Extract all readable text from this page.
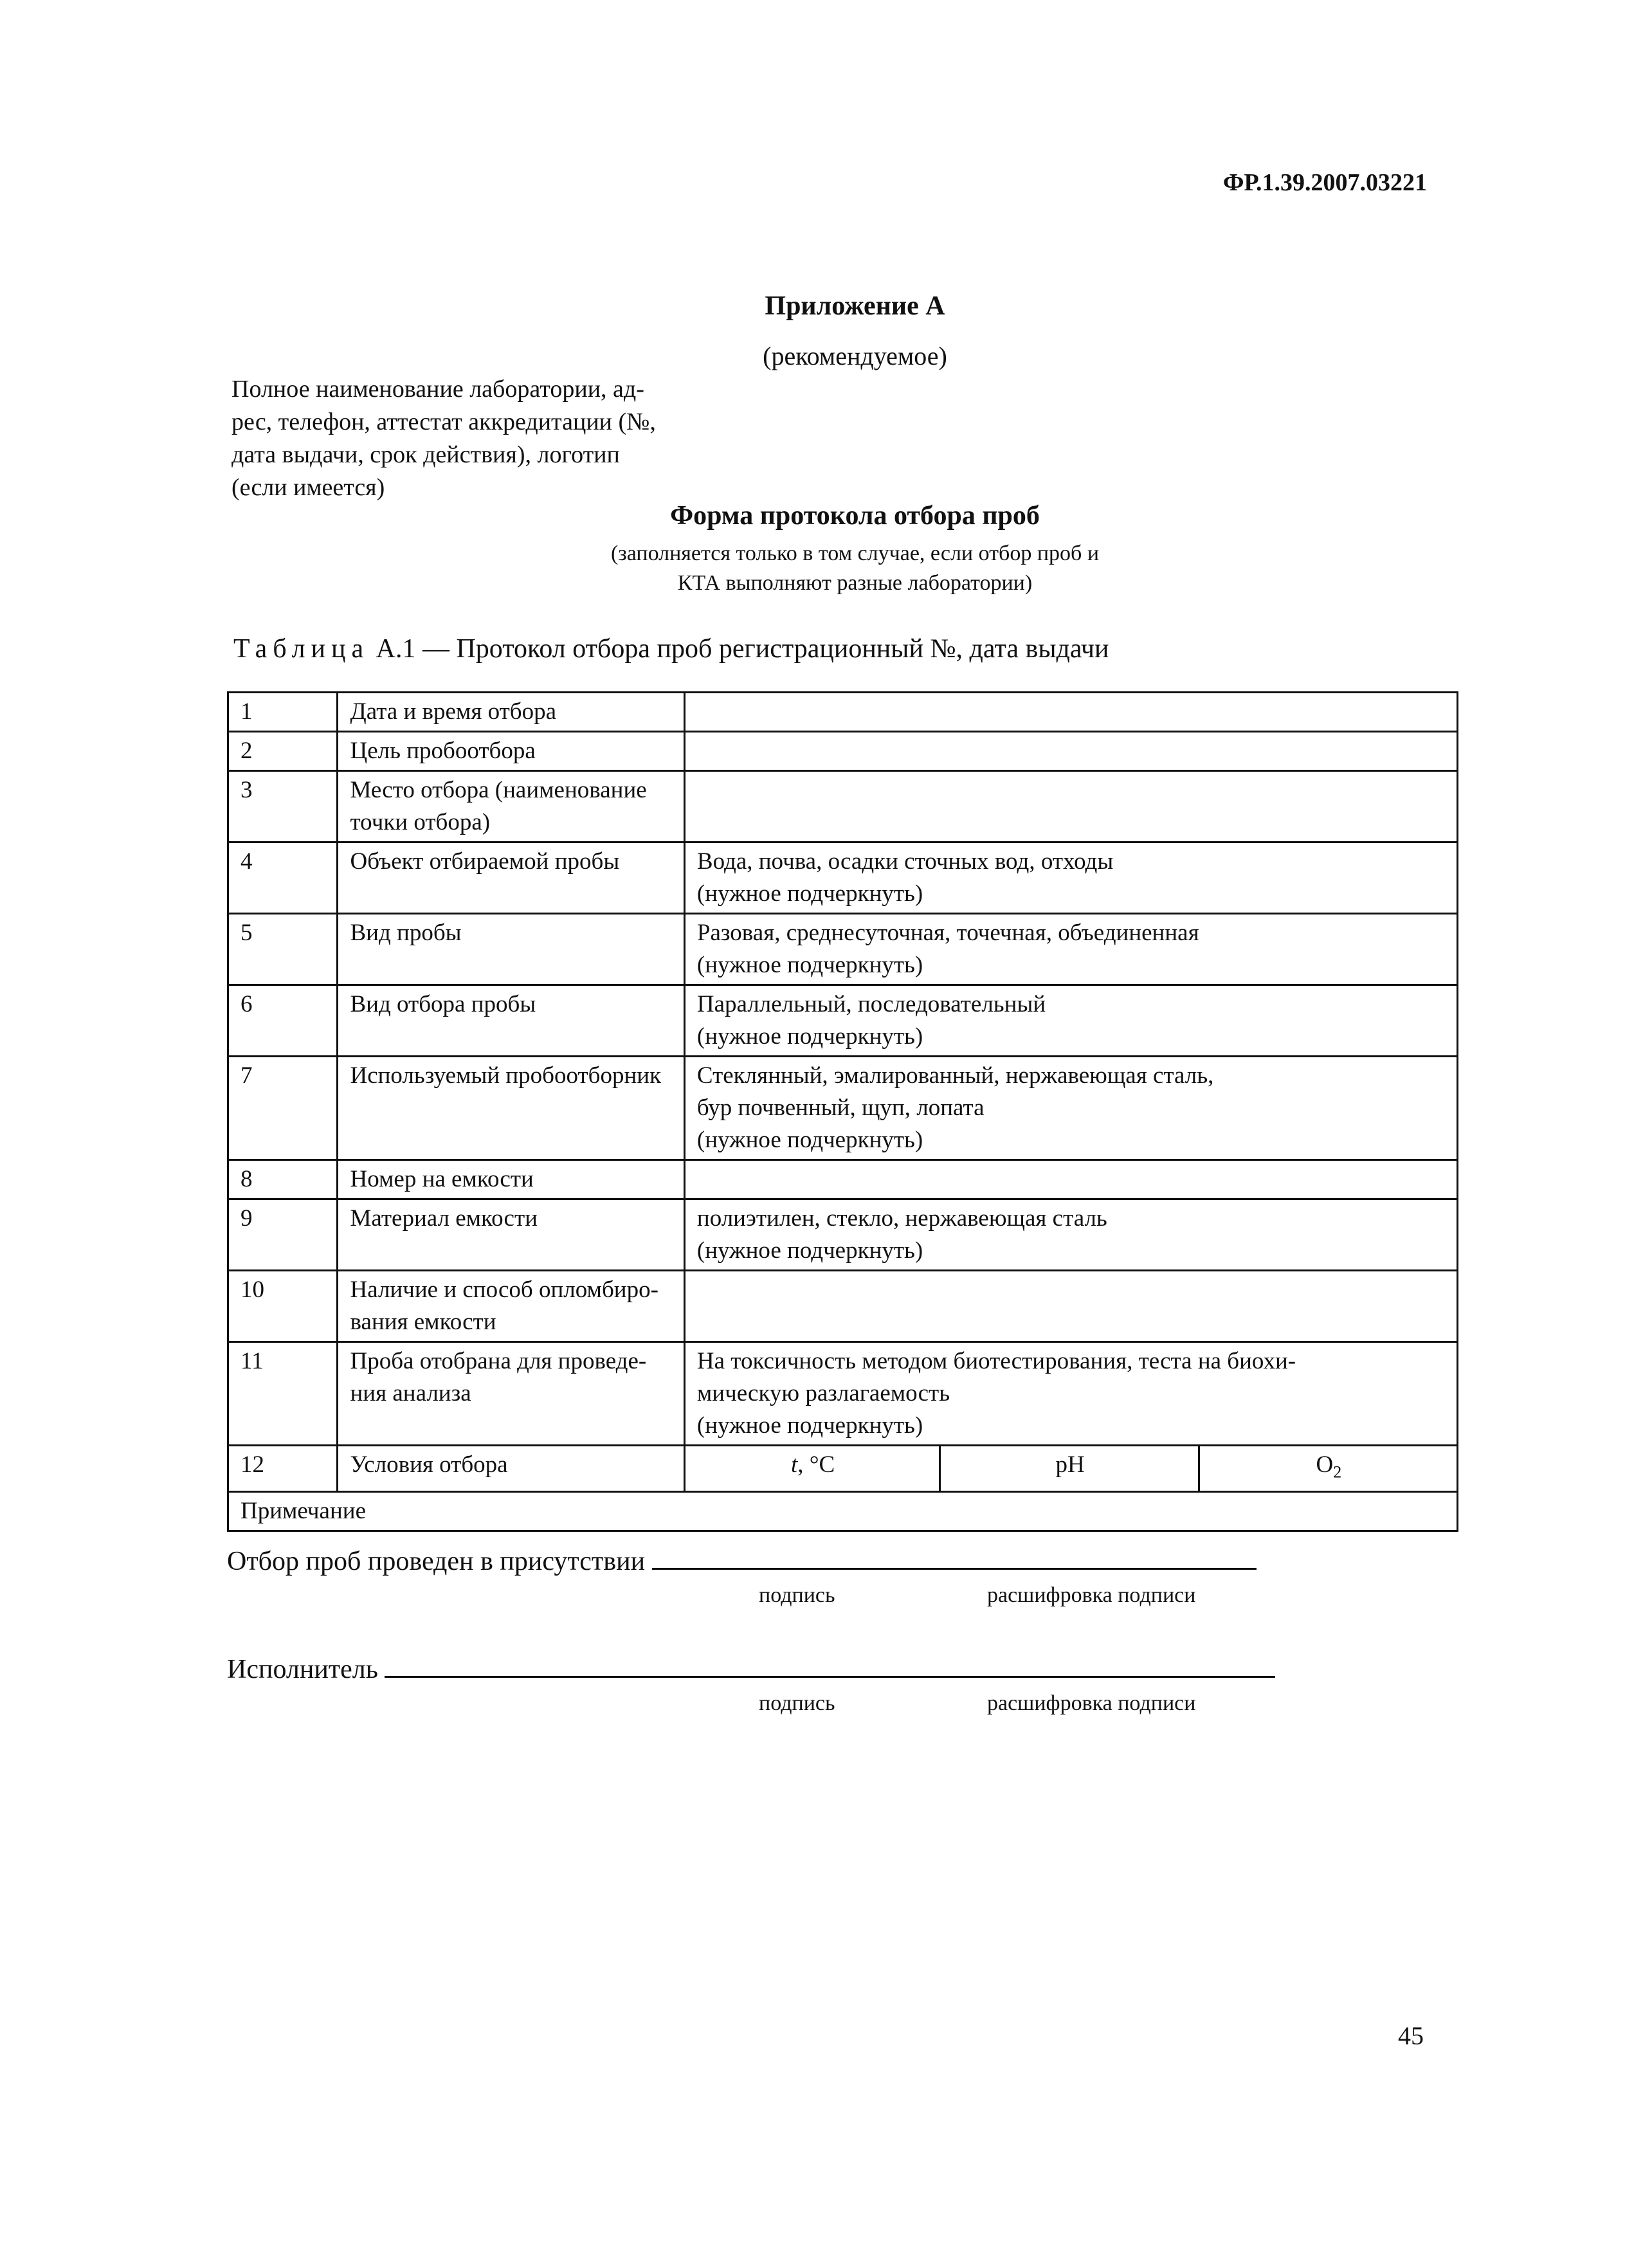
ФР.1.39.2007.03221
Приложение А
(рекомендуемое)
Полное наименование лаборатории, ад-
рес, телефон, аттестат аккредитации (№,
дата выдачи, срок действия), логотип
(если имеется)
Форма протокола отбора проб
(заполняется только в том случае, если отбор проб и
КТА выполняют разные лаборатории)
Таблица А.1 — Протокол отбора проб регистрационный №, дата выдачи
1	Дата и время отбора			
2	Цель пробоотбора			
3	Место отбора (наименование точки отбора)			
4	Объект отбираемой пробы	Вода, почва, осадки сточных вод, отходы
(нужное подчеркнуть)		
5	Вид пробы	Разовая, среднесуточная, точечная, объединенная
(нужное подчеркнуть)		
6	Вид отбора пробы	Параллельный, последовательный
(нужное подчеркнуть)		
7	Используемый пробоотборник	Стеклянный, эмалированный, нержавеющая сталь,
бур почвенный, щуп, лопата
(нужное подчеркнуть)		
8	Номер на емкости			
9	Материал емкости	полиэтилен, стекло, нержавеющая сталь
(нужное подчеркнуть)		
10	Наличие и способ опломбиро-
вания емкости			
11	Проба отобрана для проведе-
ния анализа	На токсичность методом биотестирования, теста на биохи-
мическую разлагаемость
(нужное подчеркнуть)		
12	Условия отбора	t, °C	pH	$O_2$
Примечание				
Отбор проб проведен в присутствии
подпись	расшифровка подписи
Исполнитель
подпись	расшифровка подписи
45
